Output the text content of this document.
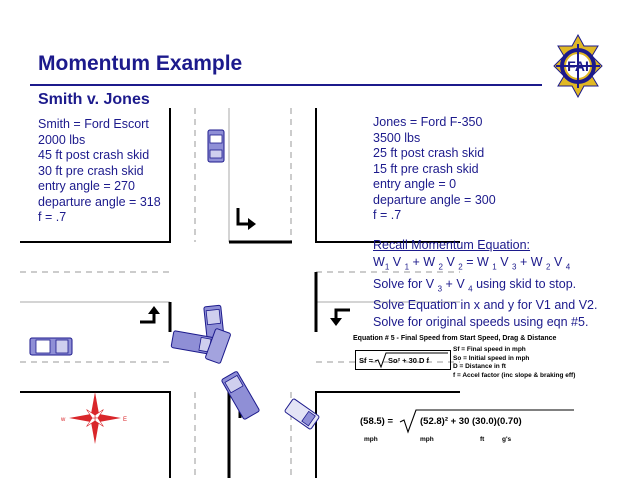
w	E
Momentum Example
Smith v. Jones
FAI
Smith = Ford Escort
2000 lbs
45 ft post crash skid
30 ft pre crash skid
entry angle = 270
departure angle = 318
f = .7
Jones = Ford F-350
3500 lbs
25 ft post crash skid
15 ft pre crash skid
entry angle = 0
departure angle = 300
f = .7
Recall Momentum Equation:
$W_1$ V $_1$ + W $_2$ V $_2$ = W $_1$ V $_3$ + W $_2$ V $_4$
Solve for V $_3$ + V $_4$ using skid to stop.
Solve Equation in x and y for V1 and V2.
Solve for original speeds using eqn #5.
Equation # 5 - Final Speed from Start Speed, Drag & Distance
Sf = So² + 30 D f
Sf = Final speed in mph
So = Initial speed in mph
D = Distance in ft
f = Accel factor (inc slope & braking eff)
(58.5) =	(52.8)² + 30 (30.0)(0.70)
mph	mph	ft	g's
